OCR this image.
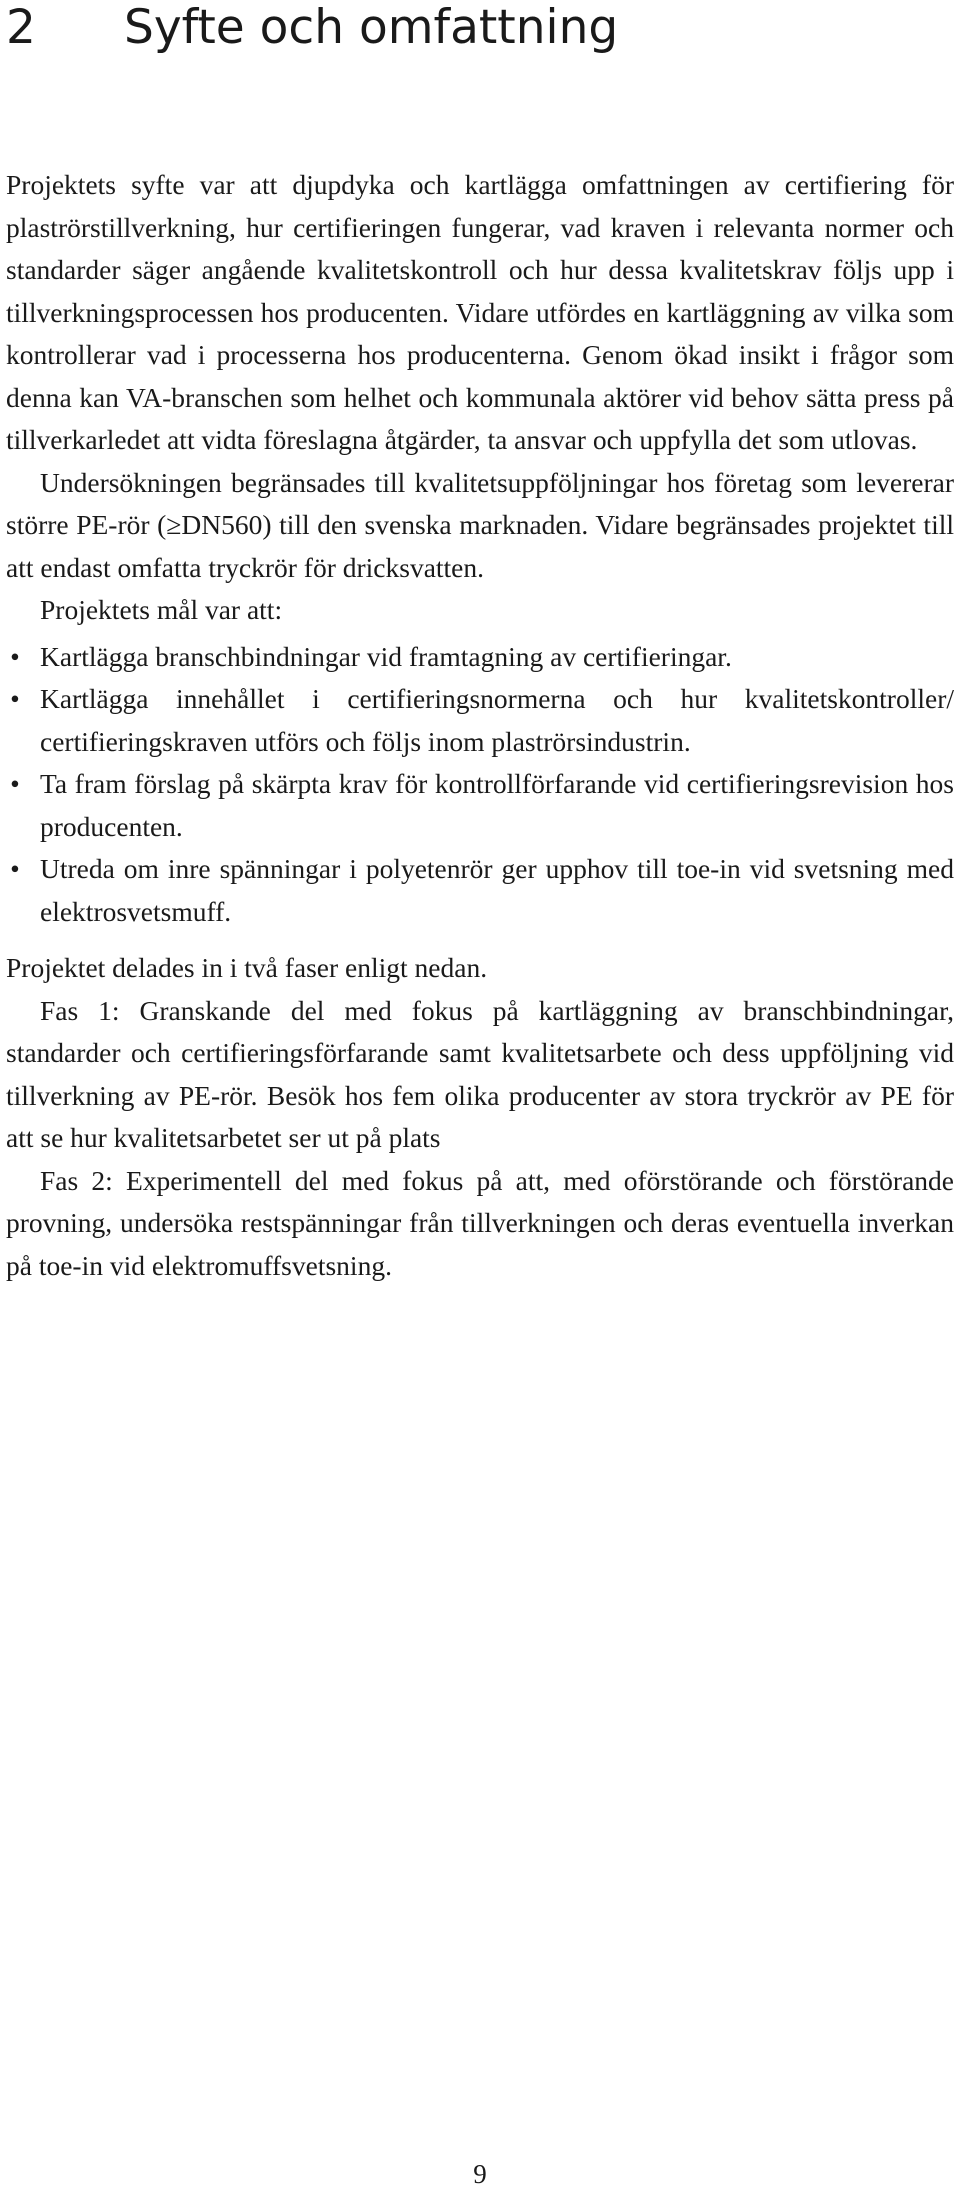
2 Syfte och omfattning

Projektets syfte var att djupdyka och kartlägga omfattningen av certifiering för plaströrstillverkning, hur certifieringen fungerar, vad kraven i relevanta normer och standarder säger angående kvalitetskontroll och hur dessa kvalitetskrav följs upp i tillverkningsprocessen hos producenten. Vidare utfördes en kartläggning av vilka som kontrollerar vad i processerna hos producenterna. Genom ökad insikt i frågor som denna kan VA-branschen som helhet och kommunala aktörer vid behov sätta press på tillverkarledet att vidta föreslagna åtgärder, ta ansvar och uppfylla det som utlovas.

Undersökningen begränsades till kvalitetsuppföljningar hos företag som levererar större PE-rör (≥DN560) till den svenska marknaden. Vidare begränsades projektet till att endast omfatta tryckrör för dricksvatten.

Projektets mål var att:

• Kartlägga branschbindningar vid framtagning av certifieringar.
• Kartlägga innehållet i certifieringsnormerna och hur kvalitetskontroller/ certifieringskraven utförs och följs inom plaströrsindustrin.
• Ta fram förslag på skärpta krav för kontrollförfarande vid certifieringsrevision hos producenten.
• Utreda om inre spänningar i polyetenrör ger upphov till toe-in vid svetsning med elektrosvetsmuff.

Projektet delades in i två faser enligt nedan.

Fas 1: Granskande del med fokus på kartläggning av branschbindningar, standarder och certifieringsförfarande samt kvalitetsarbete och dess uppföljning vid tillverkning av PE-rör. Besök hos fem olika producenter av stora tryckrör av PE för att se hur kvalitetsarbetet ser ut på plats

Fas 2: Experimentell del med fokus på att, med oförstörande och förstörande provning, undersöka restspänningar från tillverkningen och deras eventuella inverkan på toe-in vid elektromuffsvetsning.

9
